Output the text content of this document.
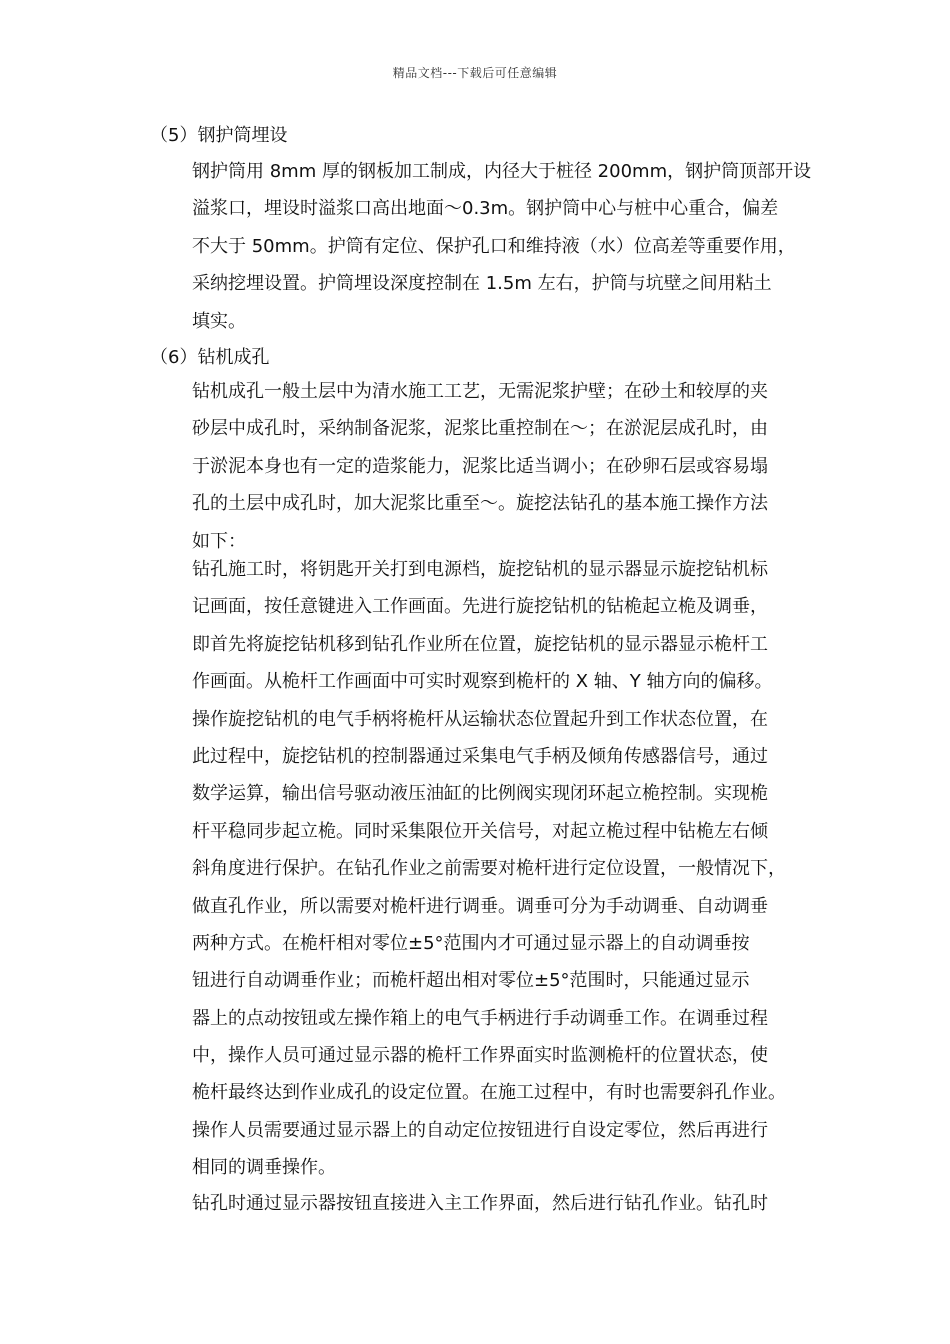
精品文档---下载后可任意编辑
（5）钢护筒埋设
钢护筒用 8mm 厚的钢板加工制成，内径大于桩径 200mm，钢护筒顶部开设
溢浆口，埋设时溢浆口高出地面～0.3m。钢护筒中心与桩中心重合，偏差
不大于 50mm。护筒有定位、保护孔口和维持液（水）位高差等重要作用，
采纳挖埋设置。护筒埋设深度控制在 1.5m 左右，护筒与坑壁之间用粘土
填实。
（6）钻机成孔
钻机成孔一般土层中为清水施工工艺，无需泥浆护壁；在砂土和较厚的夹
砂层中成孔时，采纳制备泥浆，泥浆比重控制在～；在淤泥层成孔时，由
于淤泥本身也有一定的造浆能力，泥浆比适当调小；在砂卵石层或容易塌
孔的土层中成孔时，加大泥浆比重至～。旋挖法钻孔的基本施工操作方法
如下：
钻孔施工时，将钥匙开关打到电源档，旋挖钻机的显示器显示旋挖钻机标
记画面，按任意键进入工作画面。先进行旋挖钻机的钻桅起立桅及调垂，
即首先将旋挖钻机移到钻孔作业所在位置，旋挖钻机的显示器显示桅杆工
作画面。从桅杆工作画面中可实时观察到桅杆的 X 轴、Y 轴方向的偏移。
操作旋挖钻机的电气手柄将桅杆从运输状态位置起升到工作状态位置，在
此过程中，旋挖钻机的控制器通过采集电气手柄及倾角传感器信号，通过
数学运算，输出信号驱动液压油缸的比例阀实现闭环起立桅控制。实现桅
杆平稳同步起立桅。同时采集限位开关信号，对起立桅过程中钻桅左右倾
斜角度进行保护。在钻孔作业之前需要对桅杆进行定位设置，一般情况下，
做直孔作业，所以需要对桅杆进行调垂。调垂可分为手动调垂、自动调垂
两种方式。在桅杆相对零位±5°范围内才可通过显示器上的自动调垂按
钮进行自动调垂作业；而桅杆超出相对零位±5°范围时，只能通过显示
器上的点动按钮或左操作箱上的电气手柄进行手动调垂工作。在调垂过程
中，操作人员可通过显示器的桅杆工作界面实时监测桅杆的位置状态，使
桅杆最终达到作业成孔的设定位置。在施工过程中，有时也需要斜孔作业。
操作人员需要通过显示器上的自动定位按钮进行自设定零位，然后再进行
相同的调垂操作。
钻孔时通过显示器按钮直接进入主工作界面，然后进行钻孔作业。钻孔时
